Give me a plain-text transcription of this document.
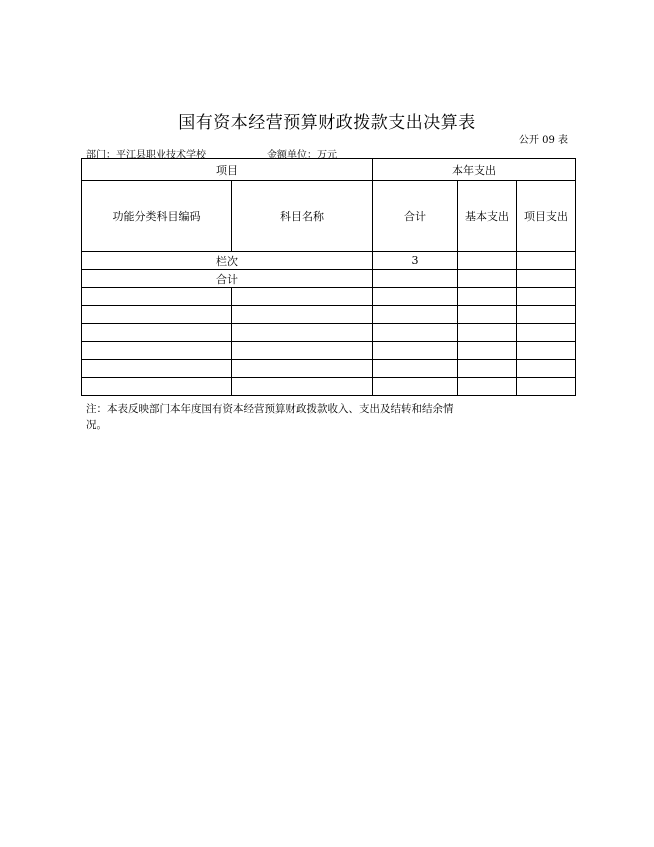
国有资本经营预算财政拨款支出决算表
公开 09 表
部门：平江县职业技术学校	金额单位：万元
项目		本年支出		
功能分类科目编码	科目名称	合计	基本支出	项目支出
栏次		3		
合计				

注：本表反映部门本年度国有资本经营预算财政拨款收入、支出及结转和结余情况。
